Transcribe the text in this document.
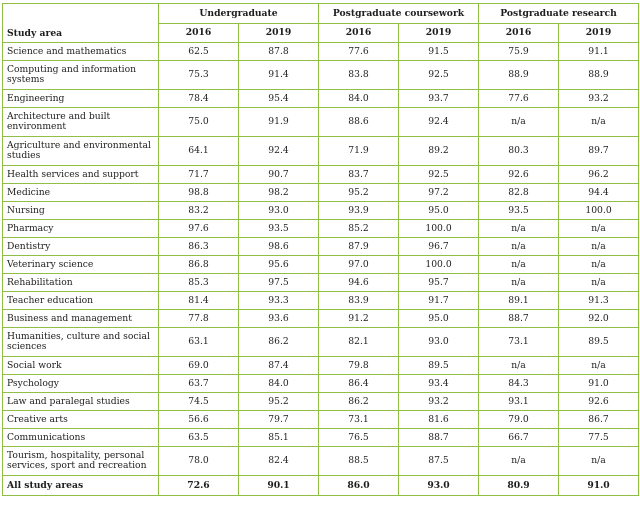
Study area	Undergraduate		Postgraduate coursework		Postgraduate research	
	2016	2019	2016	2019	2016	2019
Science and mathematics	62.5	87.8	77.6	91.5	75.9	91.1
Computing and information systems	75.3	91.4	83.8	92.5	88.9	88.9
Engineering	78.4	95.4	84.0	93.7	77.6	93.2
Architecture and built environment	75.0	91.9	88.6	92.4	n/a	n/a
Agriculture and environmental studies	64.1	92.4	71.9	89.2	80.3	89.7
Health services and support	71.7	90.7	83.7	92.5	92.6	96.2
Medicine	98.8	98.2	95.2	97.2	82.8	94.4
Nursing	83.2	93.0	93.9	95.0	93.5	100.0
Pharmacy	97.6	93.5	85.2	100.0	n/a	n/a
Dentistry	86.3	98.6	87.9	96.7	n/a	n/a
Veterinary science	86.8	95.6	97.0	100.0	n/a	n/a
Rehabilitation	85.3	97.5	94.6	95.7	n/a	n/a
Teacher education	81.4	93.3	83.9	91.7	89.1	91.3
Business and management	77.8	93.6	91.2	95.0	88.7	92.0
Humanities, culture and social sciences	63.1	86.2	82.1	93.0	73.1	89.5
Social work	69.0	87.4	79.8	89.5	n/a	n/a
Psychology	63.7	84.0	86.4	93.4	84.3	91.0
Law and paralegal studies	74.5	95.2	86.2	93.2	93.1	92.6
Creative arts	56.6	79.7	73.1	81.6	79.0	86.7
Communications	63.5	85.1	76.5	88.7	66.7	77.5
Tourism, hospitality, personal services, sport and recreation	78.0	82.4	88.5	87.5	n/a	n/a
All study areas	72.6	90.1	86.0	93.0	80.9	91.0
